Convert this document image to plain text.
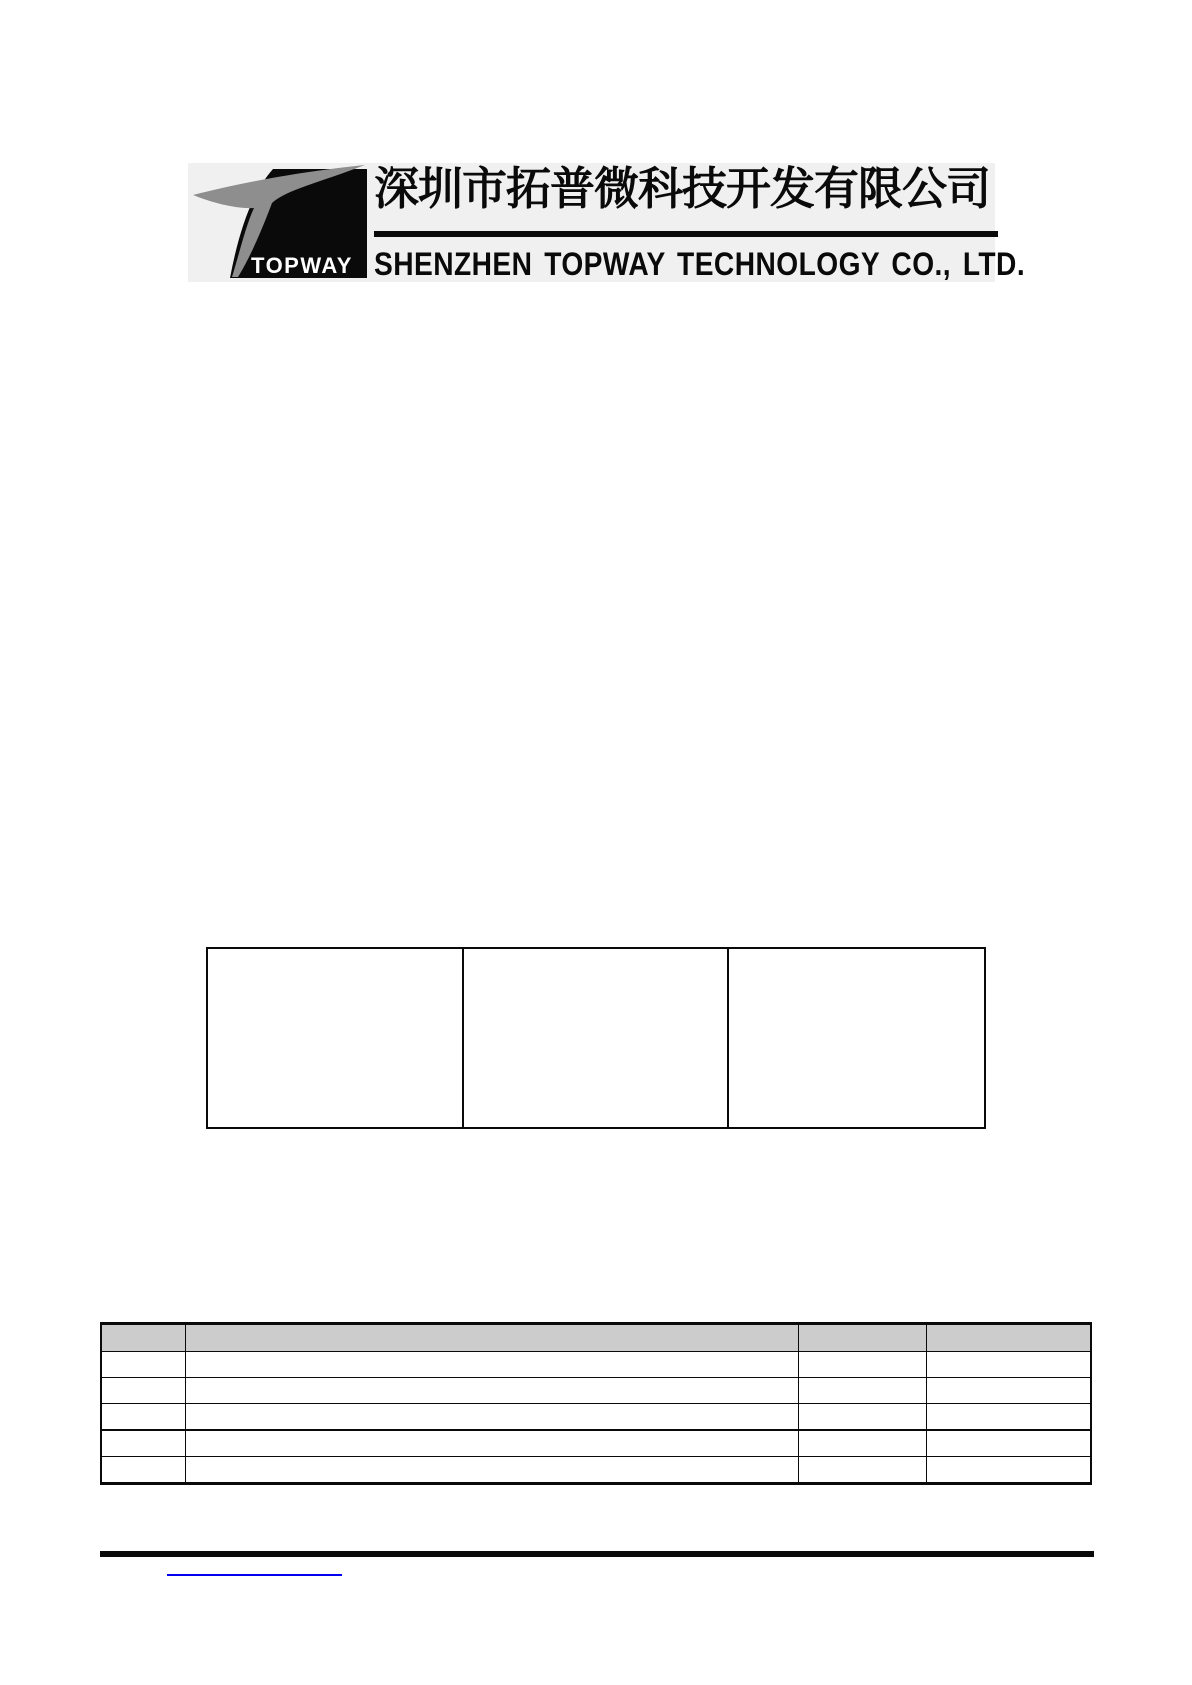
TOPWAY
深圳市拓普微科技开发有限公司
SHENZHEN TOPWAY TECHNOLOGY CO., LTD.
